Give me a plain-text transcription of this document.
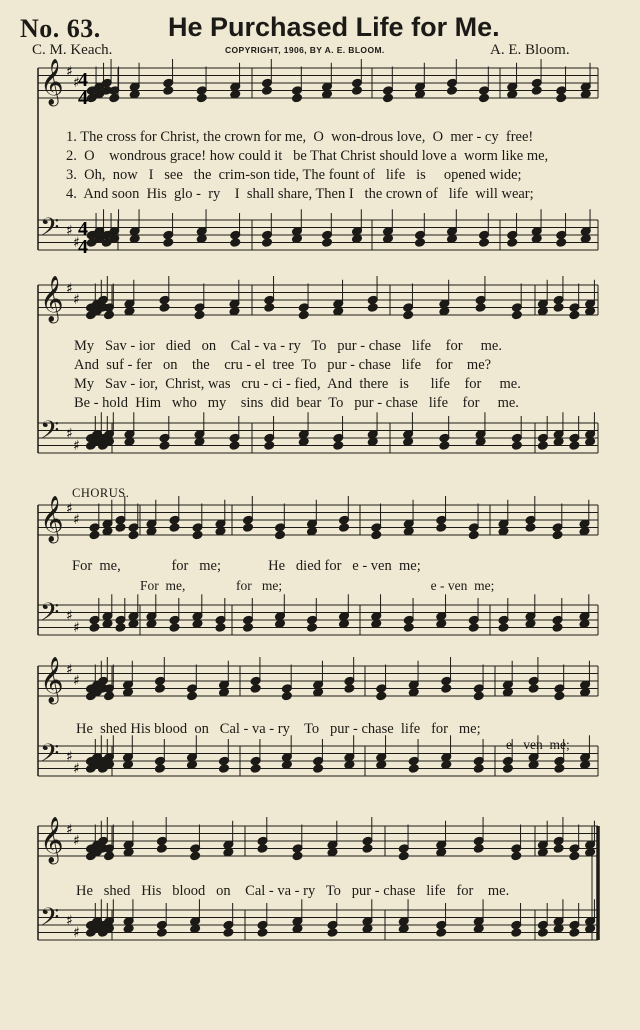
No. 63. He Purchased Life for Me.
C. M. Keach.	COPYRIGHT, 1906, BY A. E. BLOOM.	A. E. Bloom.
𝄞 ♯
♯
𝄢 ♯
♯
𝄞 ♯
♯
𝄢 ♯
♯
𝄞 ♯
♯
𝄢 ♯
♯
𝄞 ♯
♯
𝄢 ♯
♯
𝄞 ♯
♯
𝄢 ♯
♯
4
4
4
4
1. The cross for Christ, the crown for me,  O  won-drous love,  O  mer - cy  free!
2.  O    wondrous grace! how could it   be That Christ should love a  worm like me,
3.  Oh,  now   I   see   the  crim-son tide, The fount of   life   is     opened wide;
4.  And soon  His  glo -  ry    I  shall share, Then I   the crown of   life  will wear;
My   Sav - ior   died   on    Cal - va - ry   To   pur - chase   life    for     me.
And  suf - fer   on    the    cru - el  tree  To   pur - chase   life    for    me?
My   Sav - ior,  Christ, was   cru - ci - fied,  And  there   is      life    for     me.
Be - hold  Him   who   my    sins  did  bear  To   pur - chase   life    for     me.
CHORUS.
For  me,              for   me;             He   died for   e - ven  me;
For  me,               for   me;                                            e - ven  me;
He  shed His blood  on   Cal - va - ry    To   pur - chase  life   for   me;
e - ven  me;
He   shed   His   blood   on    Cal - va - ry   To   pur - chase   life   for    me.
